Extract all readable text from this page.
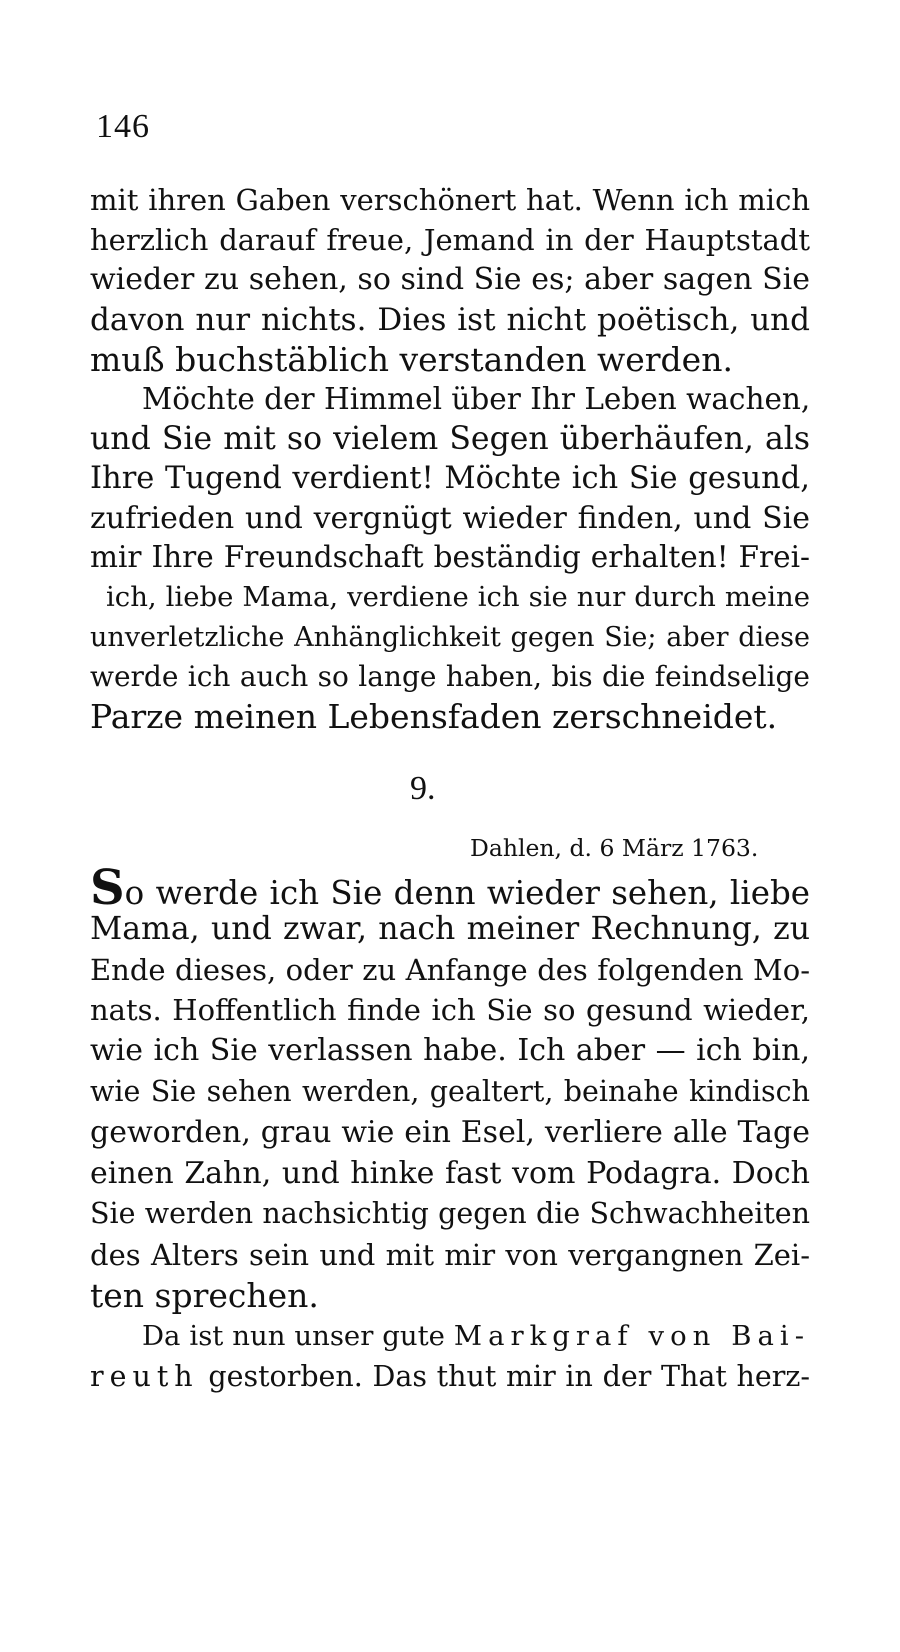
146
mit ihren Gaben verschönert hat. Wenn ich mich
herzlich darauf freue, Jemand in der Hauptstadt
wieder zu sehen, so sind Sie es; aber sagen Sie
davon nur nichts. Dies ist nicht poëtisch, und
muß buchstäblich verstanden werden.
Möchte der Himmel über Ihr Leben wachen,
und Sie mit so vielem Segen überhäufen, als
Ihre Tugend verdient! Möchte ich Sie gesund,
zufrieden und vergnügt wieder finden, und Sie
mir Ihre Freundschaft beständig erhalten! Frei-
ich, liebe Mama, verdiene ich sie nur durch meine
unverletzliche Anhänglichkeit gegen Sie; aber diese
werde ich auch so lange haben, bis die feindselige
Parze meinen Lebensfaden zerschneidet.
9.
Dahlen, d. 6 März 1763.
So werde ich Sie denn wieder sehen, liebe
Mama, und zwar, nach meiner Rechnung, zu
Ende dieses, oder zu Anfange des folgenden Mo-
nats. Hoffentlich finde ich Sie so gesund wieder,
wie ich Sie verlassen habe. Ich aber — ich bin,
wie Sie sehen werden, gealtert, beinahe kindisch
geworden, grau wie ein Esel, verliere alle Tage
einen Zahn, und hinke fast vom Podagra. Doch
Sie werden nachsichtig gegen die Schwachheiten
des Alters sein und mit mir von vergangnen Zei-
ten sprechen.
Da ist nun unser gute Markgraf von Bai-
reuth gestorben. Das thut mir in der That herz-
